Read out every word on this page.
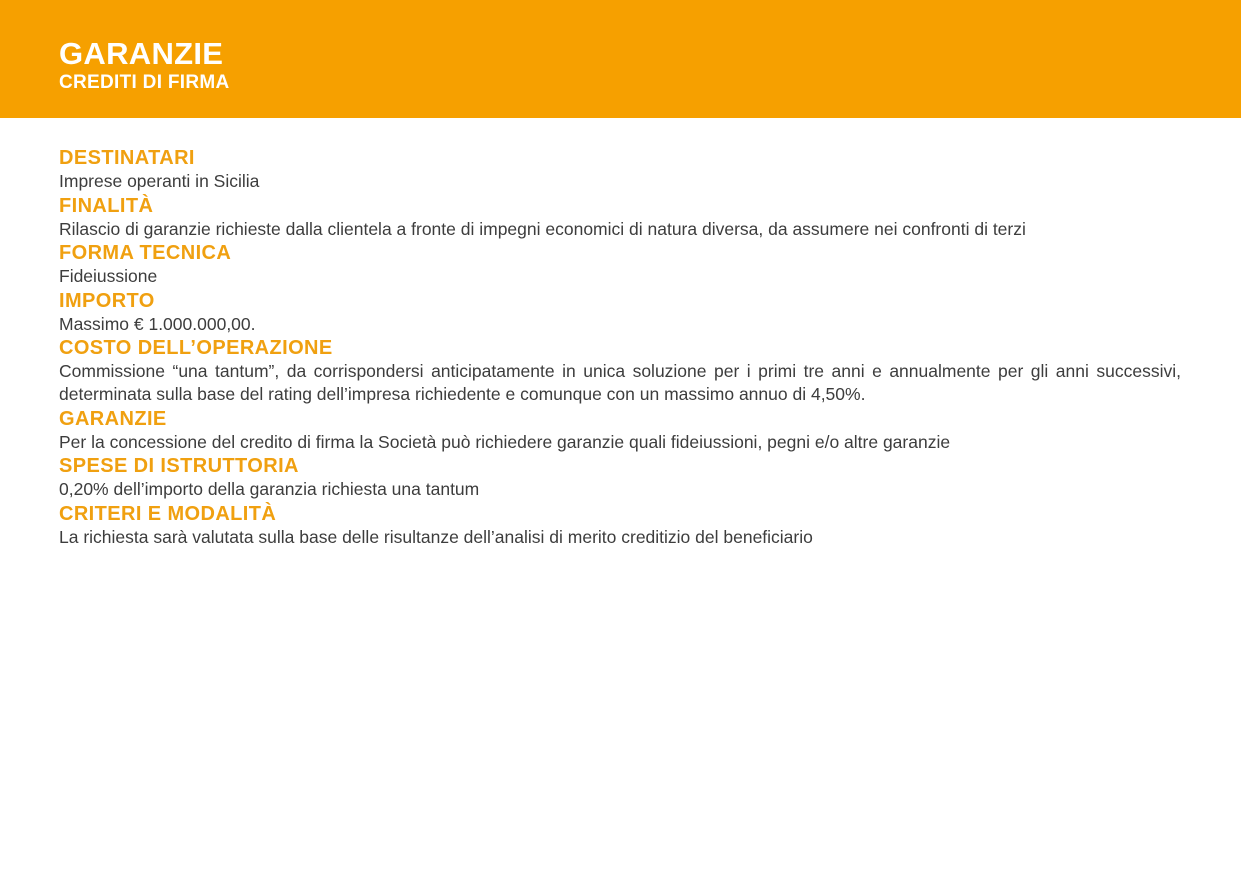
GARANZIE
CREDITI DI FIRMA
DESTINATARI

Imprese operanti in Sicilia

FINALITÀ

Rilascio di garanzie richieste dalla clientela a fronte di impegni economici di natura diversa, da assumere nei confronti di terzi

FORMA TECNICA

Fideiussione

IMPORTO

Massimo € 1.000.000,00.

COSTO DELL’OPERAZIONE

Commissione “una tantum”, da corrispondersi anticipatamente in unica soluzione per i primi tre anni e annualmente per gli anni successivi, determinata sulla base del rating dell’impresa richiedente e comunque con un massimo annuo di 4,50%.

GARANZIE

Per la concessione del credito di firma la Società può richiedere garanzie quali fideiussioni, pegni e/o altre garanzie

SPESE DI ISTRUTTORIA

0,20% dell’importo della garanzia richiesta una tantum

CRITERI E MODALITÀ

La richiesta sarà valutata sulla base delle risultanze dell’analisi di merito creditizio del beneficiario
